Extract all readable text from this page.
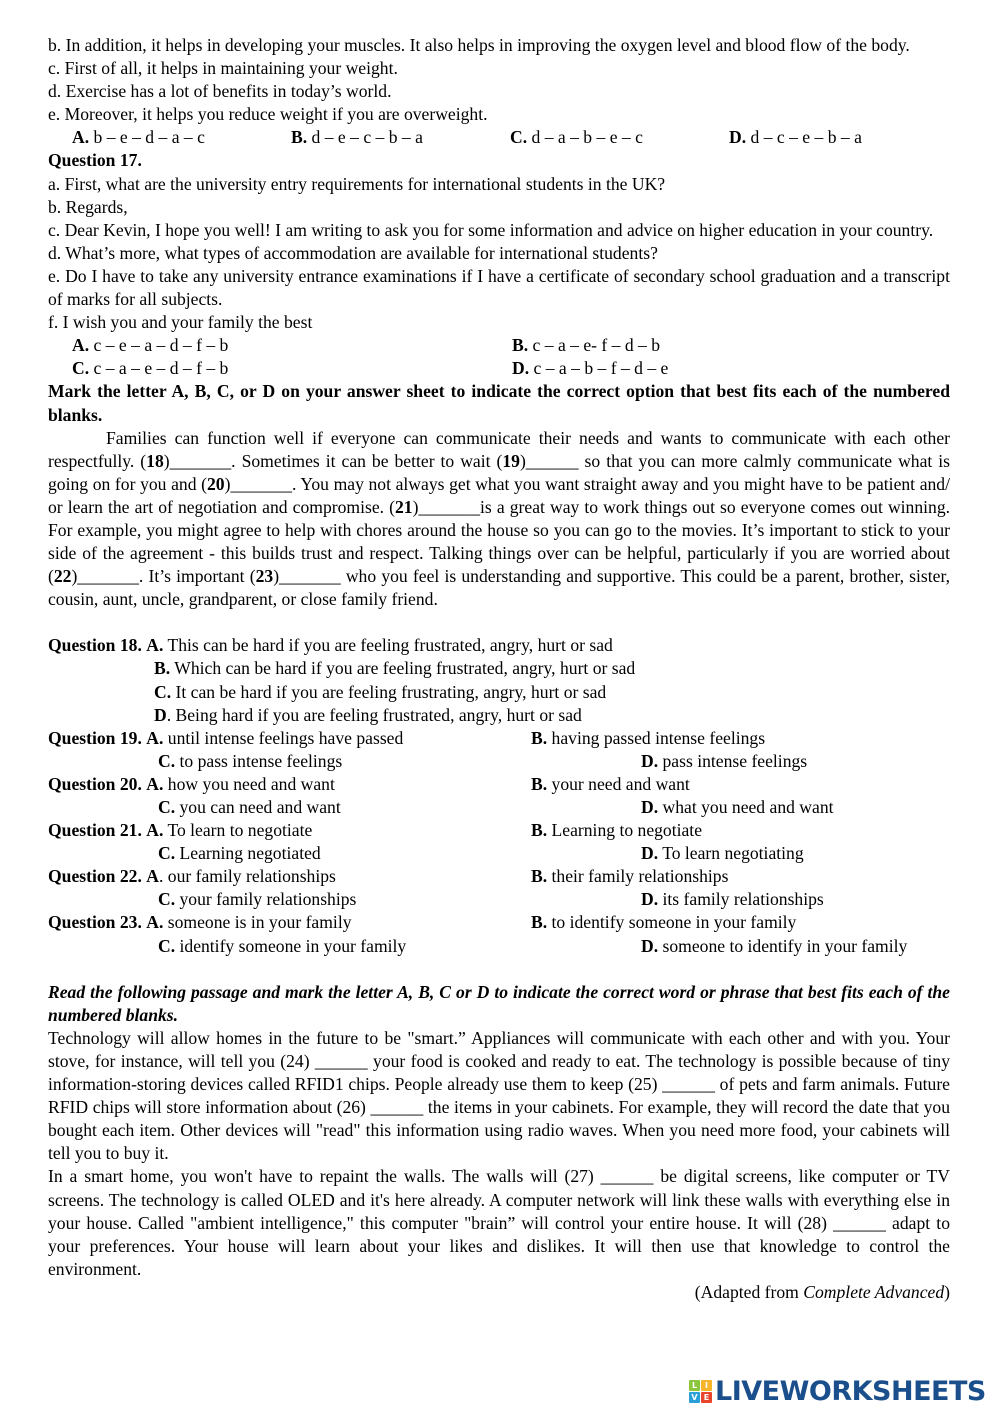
b. In addition, it helps in developing your muscles. It also helps in improving the oxygen level and blood flow of the body.
c. First of all, it helps in maintaining your weight.
d. Exercise has a lot of benefits in today’s world.
e. Moreover, it helps you reduce weight if you are overweight.
A. b – e – d – a – c	B. d – e – c – b – a	C. d – a – b – e – c	D. d – c – e – b – a
Question 17.
a. First, what are the university entry requirements for international students in the UK?
b. Regards,
c. Dear Kevin, I hope you well! I am writing to ask you for some information and advice on higher education in your country.
d. What’s more, what types of accommodation are available for international students?
e. Do I have to take any university entrance examinations if I have a certificate of secondary school graduation and a transcript of marks for all subjects.
f. I wish you and your family the best
A. c – e – a – d – f – b	B. c – a – e- f – d – b
C. c – a – e – d – f – b	D. c – a – b – f – d – e
Mark the letter A, B, C, or D on your answer sheet to indicate the correct option that best fits each of the numbered blanks.
Families can function well if everyone can communicate their needs and wants to communicate with each other respectfully. (18)_______. Sometimes it can be better to wait (19)______ so that you can more calmly communicate what is going on for you and (20)_______. You may not always get what you want straight away and you might have to be patient and/ or learn the art of negotiation and compromise. (21)_______is a great way to work things out so everyone comes out winning. For example, you might agree to help with chores around the house so you can go to the movies. It’s important to stick to your side of the agreement - this builds trust and respect. Talking things over can be helpful, particularly if you are worried about (22)_______. It’s important (23)_______ who you feel is understanding and supportive. This could be a parent, brother, sister, cousin, aunt, uncle, grandparent, or close family friend.
Question 18. A. This can be hard if you are feeling frustrated, angry, hurt or sad
B. Which can be hard if you are feeling frustrated, angry, hurt or sad
C. It can be hard if you are feeling frustrating, angry, hurt or sad
D. Being hard if you are feeling frustrated, angry, hurt or sad
Question 19. A. until intense feelings have passed	B. having passed intense feelings
C. to pass intense feelings	D. pass intense feelings
Question 20. A. how you need and want	B. your need and want
C. you can need and want	D. what you need and want
Question 21. A. To learn to negotiate	B. Learning to negotiate
C. Learning negotiated	D. To learn negotiating
Question 22. A. our family relationships	B. their family relationships
C. your family relationships	D. its family relationships
Question 23. A. someone is in your family	B. to identify someone in your family
C. identify someone in your family	D. someone to identify in your family
Read the following passage and mark the letter A, B, C or D to indicate the correct word or phrase that best fits each of the numbered blanks.
Technology will allow homes in the future to be "smart.” Appliances will communicate with each other and with you. Your stove, for instance, will tell you (24) ______ your food is cooked and ready to eat. The technology is possible because of tiny information-storing devices called RFID1 chips. People already use them to keep (25) ______ of pets and farm animals. Future RFID chips will store information about (26) ______ the items in your cabinets. For example, they will record the date that you bought each item. Other devices will "read" this information using radio waves. When you need more food, your cabinets will tell you to buy it.
In a smart home, you won't have to repaint the walls. The walls will (27) ______ be digital screens, like computer or TV screens. The technology is called OLED and it's here already. A computer network will link these walls with everything else in your house. Called "ambient intelligence," this computer "brain” will control your entire house. It will (28) ______ adapt to your preferences. Your house will learn about your likes and dislikes. It will then use that knowledge to control the environment.
(Adapted from Complete Advanced)
L I
V E LIVEWORKSHEETS
